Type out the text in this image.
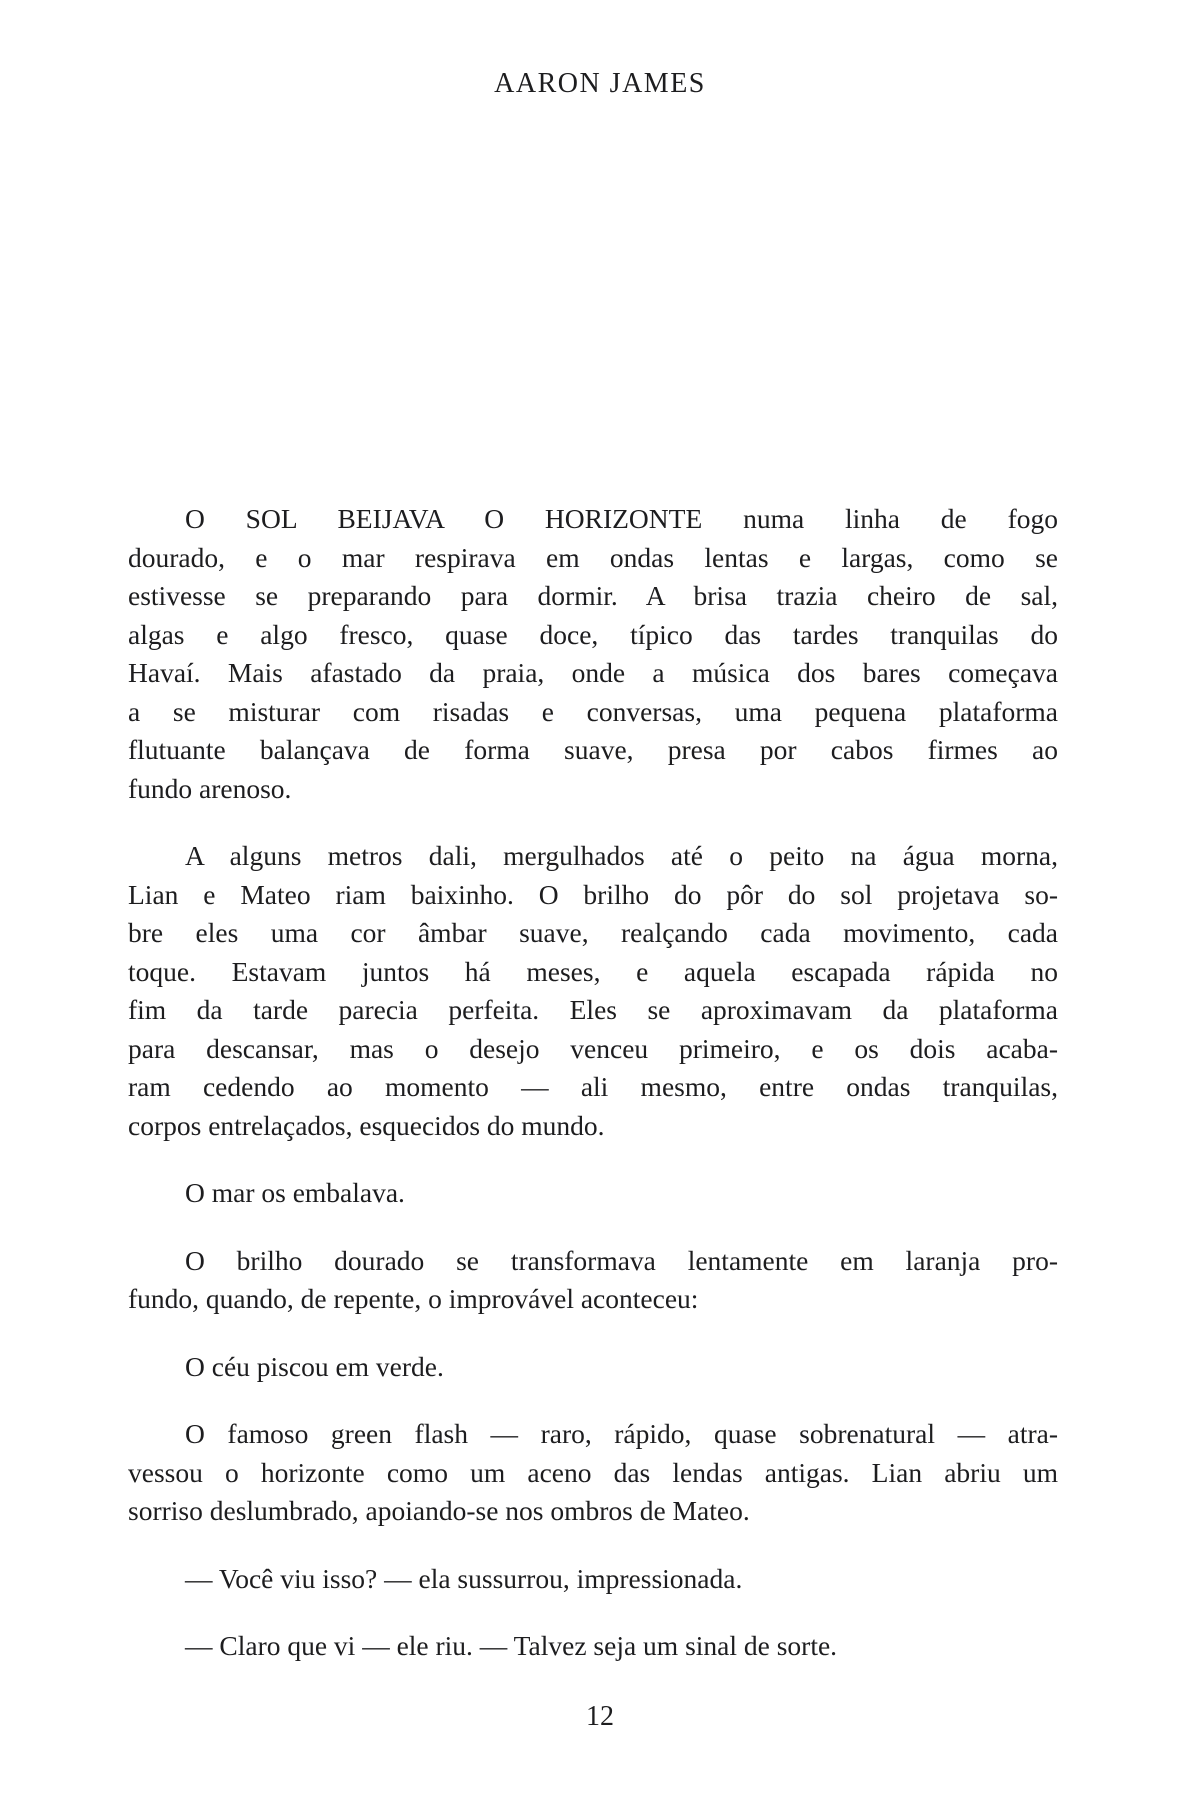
AARON JAMES
O SOL BEIJAVA O HORIZONTE numa linha de fogo
dourado, e o mar respirava em ondas lentas e largas, como se
estivesse se preparando para dormir. A brisa trazia cheiro de sal,
algas e algo fresco, quase doce, típico das tardes tranquilas do
Havaí. Mais afastado da praia, onde a música dos bares começava
a se misturar com risadas e conversas, uma pequena plataforma
flutuante balançava de forma suave, presa por cabos firmes ao
fundo arenoso.
A alguns metros dali, mergulhados até o peito na água morna,
Lian e Mateo riam baixinho. O brilho do pôr do sol projetava so-
bre eles uma cor âmbar suave, realçando cada movimento, cada
toque. Estavam juntos há meses, e aquela escapada rápida no
fim da tarde parecia perfeita. Eles se aproximavam da plataforma
para descansar, mas o desejo venceu primeiro, e os dois acaba-
ram cedendo ao momento — ali mesmo, entre ondas tranquilas,
corpos entrelaçados, esquecidos do mundo.
O mar os embalava.
O brilho dourado se transformava lentamente em laranja pro-
fundo, quando, de repente, o improvável aconteceu:
O céu piscou em verde.
O famoso green flash — raro, rápido, quase sobrenatural — atra-
vessou o horizonte como um aceno das lendas antigas. Lian abriu um
sorriso deslumbrado, apoiando-se nos ombros de Mateo.
— Você viu isso? — ela sussurrou, impressionada.
— Claro que vi — ele riu. — Talvez seja um sinal de sorte.
12
